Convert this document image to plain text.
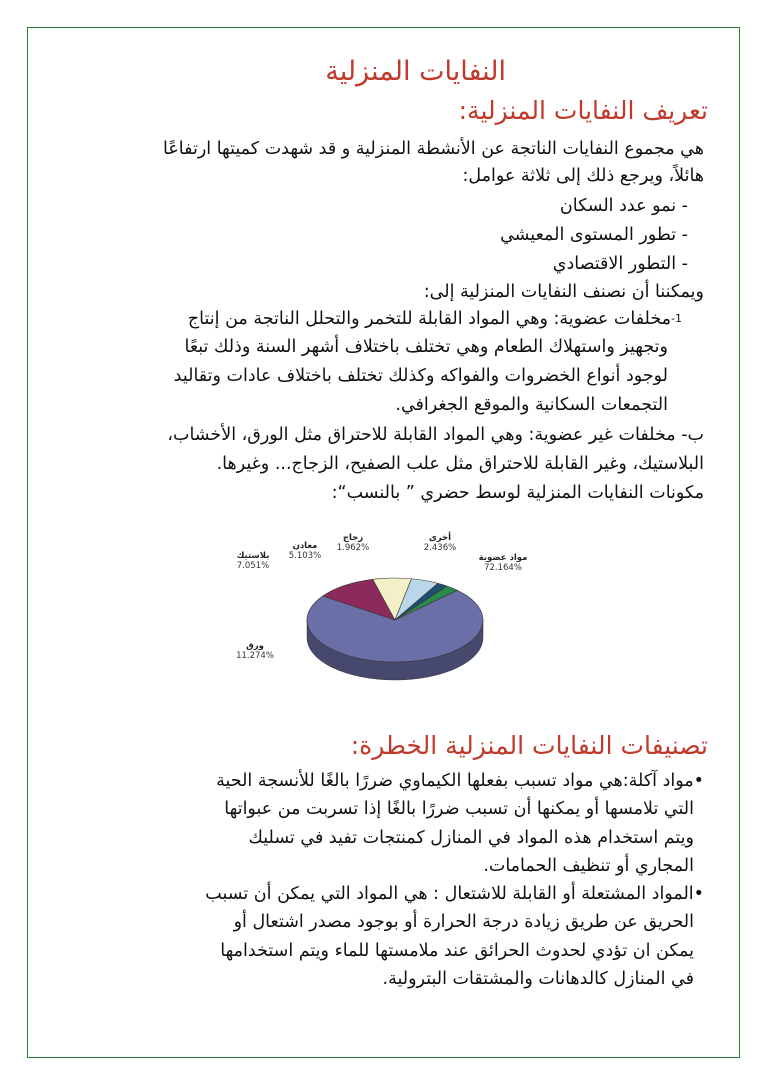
النفايات المنزلية
تعريف النفايات المنزلية:
هي مجموع النفايات الناتجة عن الأنشطة المنزلية و قد شهدت كميتها ارتفاعًا
هائلاً، ويرجع ذلك إلى ثلاثة عوامل:
- نمو عدد السكان
- تطور المستوى المعيشي
- التطور الاقتصادي
ويمكننا أن نصنف النفايات المنزلية إلى:
$^{1-}$مخلفات عضوية: وهي المواد القابلة للتخمر والتحلل الناتجة من إنتاج
وتجهيز واستهلاك الطعام وهي تختلف باختلاف أشهر السنة وذلك تبعًا
لوجود أنواع الخضروات والفواكه وكذلك تختلف باختلاف عادات وتقاليد
التجمعات السكانية والموقع الجغرافي.
ب- مخلفات غير عضوية: وهي المواد القابلة للاحتراق مثل الورق، الأخشاب،
البلاستيك، وغير القابلة للاحتراق مثل علب الصفيح، الزجاج... وغيرها.
مكونات النفايات المنزلية لوسط حضري ” بالنسب“:
تصنيفات النفايات المنزلية الخطرة:
•مواد آكلة:هي مواد تسبب بفعلها الكيماوي ضررًا بالغًا للأنسجة الحية
التي تلامسها أو يمكنها أن تسبب ضررًا بالغًا إذا تسربت من عبواتها
ويتم استخدام هذه المواد في المنازل كمنتجات تفيد في تسليك
المجاري أو تنظيف الحمامات.
•المواد المشتعلة أو القابلة للاشتعال : هي المواد التي يمكن أن تسبب
الحريق عن طريق زيادة درجة الحرارة أو بوجود مصدر اشتعال أو
يمكن ان تؤدي لحدوث الحرائق عند ملامستها للماء ويتم استخدامها
في المنازل كالدهانات والمشتقات البترولية.
مواد عضوية
72.164%
ورق
11.274%
بلاستيك
7.051%
معادن
5.103%
زجاج
1.962%
أخرى
2.436%
